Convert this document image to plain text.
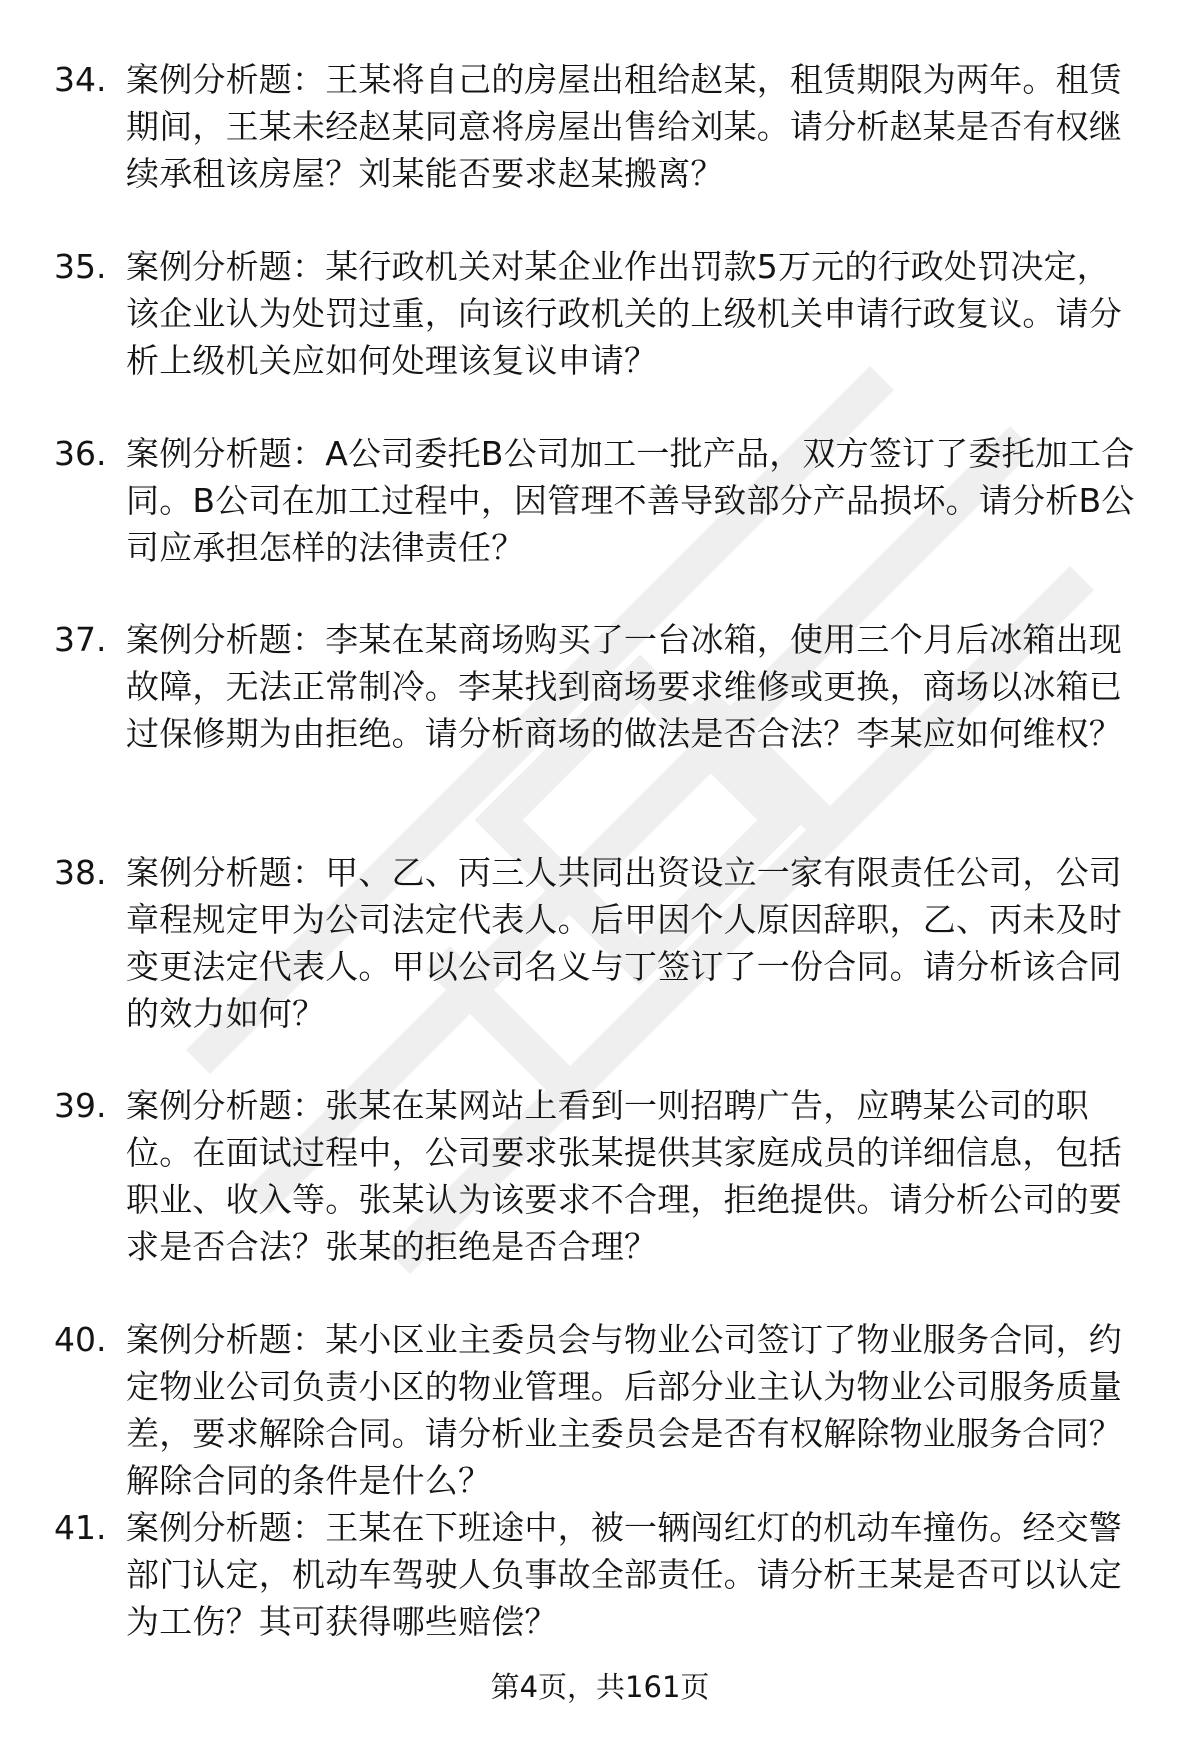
34. 案例分析题：王某将自己的房屋出租给赵某，租赁期限为两年。租赁期间，王某未经赵某同意将房屋出售给刘某。请分析赵某是否有权继续承租该房屋？刘某能否要求赵某搬离？
35. 案例分析题：某行政机关对某企业作出罚款5万元的行政处罚决定，该企业认为处罚过重，向该行政机关的上级机关申请行政复议。请分析上级机关应如何处理该复议申请？
36. 案例分析题：A公司委托B公司加工一批产品，双方签订了委托加工合同。B公司在加工过程中，因管理不善导致部分产品损坏。请分析B公司应承担怎样的法律责任？
37. 案例分析题：李某在某商场购买了一台冰箱，使用三个月后冰箱出现故障，无法正常制冷。李某找到商场要求维修或更换，商场以冰箱已过保修期为由拒绝。请分析商场的做法是否合法？李某应如何维权？
38. 案例分析题：甲、乙、丙三人共同出资设立一家有限责任公司，公司章程规定甲为公司法定代表人。后甲因个人原因辞职，乙、丙未及时变更法定代表人。甲以公司名义与丁签订了一份合同。请分析该合同的效力如何？
39. 案例分析题：张某在某网站上看到一则招聘广告，应聘某公司的职位。在面试过程中，公司要求张某提供其家庭成员的详细信息，包括职业、收入等。张某认为该要求不合理，拒绝提供。请分析公司的要求是否合法？张某的拒绝是否合理？
40. 案例分析题：某小区业主委员会与物业公司签订了物业服务合同，约定物业公司负责小区的物业管理。后部分业主认为物业公司服务质量差，要求解除合同。请分析业主委员会是否有权解除物业服务合同？解除合同的条件是什么？
41. 案例分析题：王某在下班途中，被一辆闯红灯的机动车撞伤。经交警部门认定，机动车驾驶人负事故全部责任。请分析王某是否可以认定为工伤？其可获得哪些赔偿？
第4页，共161页
